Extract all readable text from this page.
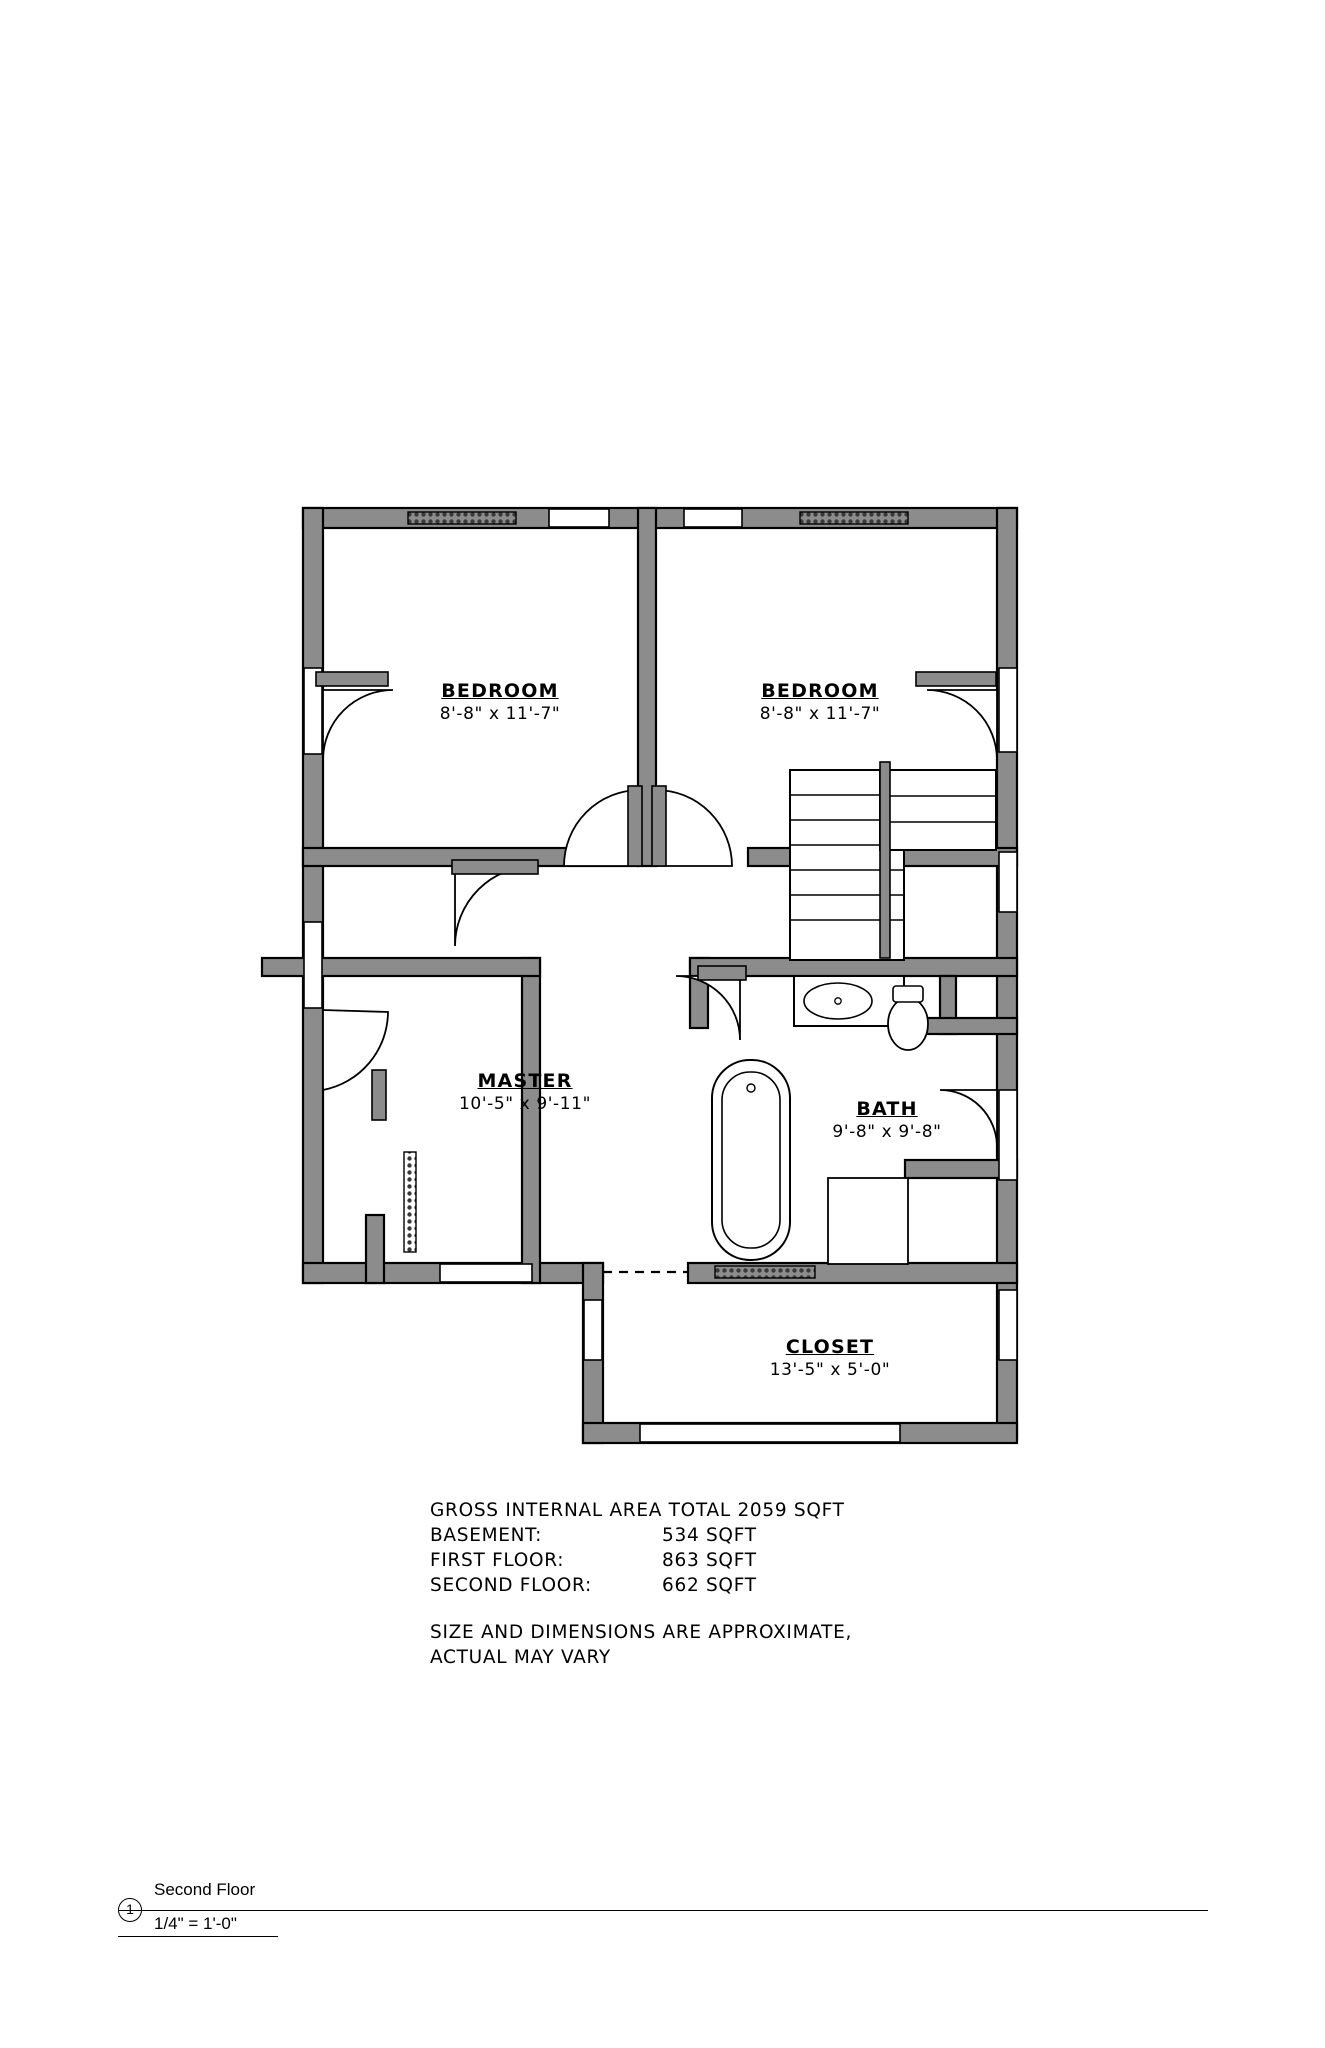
BEDROOM
8'-8" x 11'-7"
BEDROOM
8'-8" x 11'-7"
MASTER
10'-5" x 9'-11"	BATH
9'-8" x 9'-8"
CLOSET
13'-5" x 5'-0"
GROSS INTERNAL AREA TOTAL 2059 SQFT
BASEMENT:	534 SQFT
FIRST FLOOR:	863 SQFT
SECOND FLOOR:	662 SQFT
SIZE AND DIMENSIONS ARE APPROXIMATE,
ACTUAL MAY VARY
1
Second Floor
1/4" = 1'-0"
